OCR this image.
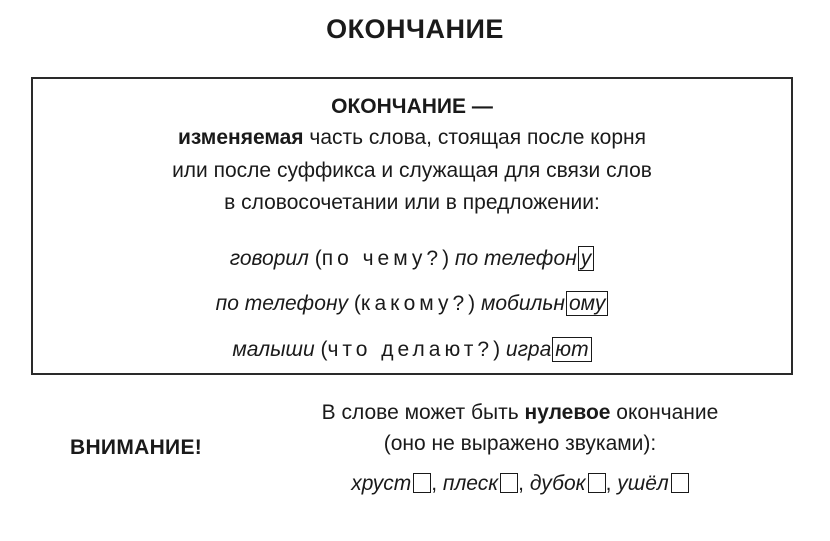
ОКОНЧАНИЕ
ОКОНЧАНИЕ —
изменяемая часть слова, стоящая после корня
или после суффикса и служащая для связи слов
в словосочетании или в предложении:
говорил (по чему?) по телефон у
по телефону (какому?) мобильн ому
малыши (что делают?) игра ют
ВНИМАНИЕ!
В слове может быть нулевое окончание
(оно не выражено звуками):
хруст , плеск , дубок , ушёл
